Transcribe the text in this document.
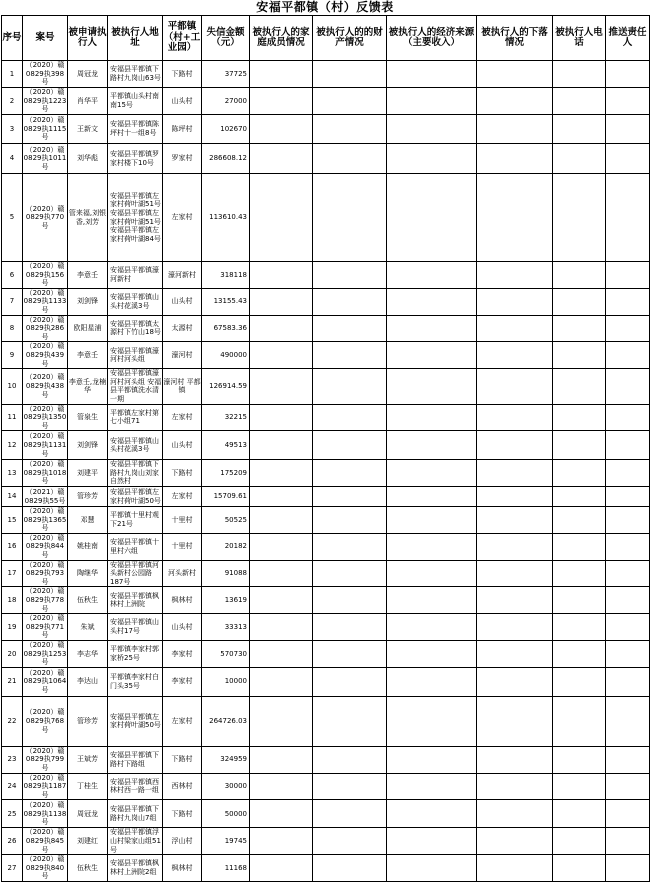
安福平都镇（村）反馈表
序号	案号	被申请执行人	被执行人地址	平都镇（村+工业园）	失信金额（元）	被执行人的家庭成员情况	被执行人的的财产情况	被执行人的经济来源（主要收入）	被执行人的下落情况	被执行人电话	推送责任人
1	（2020）赣0829执398号	周冠龙	安福县平都镇下路村九岗山63号	下路村	37725						
2	（2020）赣0829执1223号	肖华平	平都镇山头村南南15号	山头村	27000						
3	（2020）赣0829执1115号	王新文	安福县平都镇陈坪村十一组8号	陈坪村	102670						
4	（2020）赣0829执1011号	刘华彪	安福县平都镇罗家村楼下10号	罗家村	286608.12						
5	（2020）赣0829执770号	管来福,刘银香,刘芳	安福县平都镇左家村荷叶湖51号 安福县平都镇左家村荷叶湖51号 安福县平都镇左家村荷叶湖84号	左家村	113610.43						
6	（2020）赣0829执156号	李意壬	安福县平都镇濠河新村	濠河新村	318118						
7	（2020）赣0829执1133号	刘剑锋	安福县平都镇山头村花溪3号	山头村	13155.43						
8	（2020）赣0829执286号	欧阳星浦	安福县平都镇太源村下竹山18号	太源村	67583.36						
9	（2020）赣0829执439号	李意壬	安福县平都镇濠河村河头组	濠河村	490000						
10	（2020）赣0829执438号	李意壬,龙楠华	安福县平都镇濠河村河头组 安福县平都镇洗水清一期	濠河村 平都镇	126914.59						
11	（2020）赣0829执1350号	管泉生	平都镇左家村第七小组71	左家村	32215						
12	（2020）赣0829执1131号	刘剑锋	安福县平都镇山头村花溪3号	山头村	49513						
13	（2020）赣0829执1018号	刘建平	安福县平都镇下路村九岗山刘家自然村	下路村	175209						
14	（2021）赣0829执55号	管珍芳	安福县平都镇左家村荷叶湖50号	左家村	15709.61						
15	（2020）赣0829执1365号	邓慧	平都镇十里村观下21号	十里村	50525						
16	（2020）赣0829执844号	姚桂南	安福县平都镇十里村六组	十里村	20182						
17	（2020）赣0829执793号	陶继华	安福县平都镇河头新村公园路187号	河头新村	91088						
18	（2020）赣0829执778号	伍秋生	安福县平都镇枫林村上洲院	枫林村	13619						
19	（2020）赣0829执771号	朱斌	安福县平都镇山头村17号	山头村	33313						
20	（2020）赣0829执1253号	李志华	平都镇李家村郭家桥25号	李家村	570730						
21	（2020）赣0829执1064号	李达山	平都镇李家村白门头35号	李家村	10000						
22	（2020）赣0829执768号	管珍芳	安福县平都镇左家村荷叶湖50号	左家村	264726.03						
23	（2020）赣0829执799号	王斌芳	安福县平都镇下路村下路组	下路村	324959						
24	（2020）赣0829执1187号	丁桂生	安福县平都镇西林村西一路一组	西林村	30000						
25	（2020）赣0829执1138号	周冠龙	安福县平都镇下路村九岗山7组	下路村	50000						
26	（2020）赣0829执845号	刘建红	安福县平都镇浮山村梁家山组51号	浮山村	19745						
27	（2020）赣0829执840号	伍秋生	安福县平都镇枫林村上洲院2组	枫林村	11168						
